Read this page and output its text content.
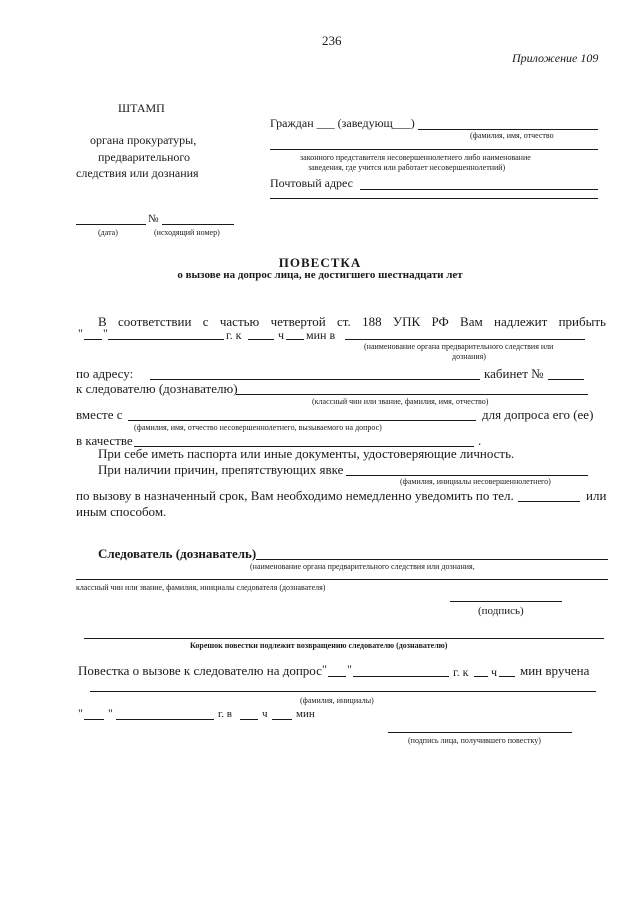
236
Приложение 109
ШТАМП
органа прокуратуры,
предварительного
следствия или дознания
Граждан ___ (заведующ___)
(фамилия, имя, отчество
законного представителя несовершеннолетнего либо наименование
заведения, где учится или работает несовершеннолетний)
Почтовый адрес
№
(дата)	(исходящий номер)
ПОВЕСТКА
о вызове на допрос лица, не достигшего шестнадцати лет
В соответствии с частью четвертой ст. 188 УПК РФ Вам надлежит прибыть
" "	г. к	ч мин в
(наименование органа предварительного следствия или
дознания)
по адресу:	кабинет №
к следователю (дознавателю)
(классный чин или звание, фамилия, имя, отчество)
вместе с	для допроса его (ее)
(фамилия, имя, отчество несовершеннолетнего, вызываемого на допрос)
в качестве	.
При себе иметь паспорта или иные документы, удостоверяющие личность.
При наличии причин, препятствующих явке
(фамилия, инициалы несовершеннолетнего)
по вызову в назначенный срок, Вам необходимо немедленно уведомить по тел.	или
иным способом.
Следователь (дознаватель)
(наименование органа предварительного следствия или дознания,
классный чин или звание, фамилия, инициалы следователя (дознавателя)
(подпись)
Корешок повестки подлежит возвращению следователю (дознавателю)
Повестка о вызове к следователю на допрос " "	г. к ч мин вручена
(фамилия, инициалы)
" "	г. в	ч	мин
(подпись лица, получившего повестку)
